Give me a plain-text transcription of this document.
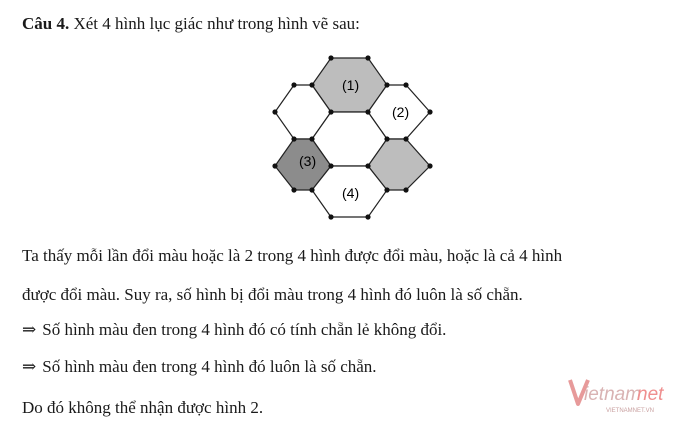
Câu 4. Xét 4 hình lục giác như trong hình vẽ sau:
(1)
(2)
(3)
(4)
Ta thấy mỗi lần đổi màu hoặc là 2 trong 4 hình được đổi màu, hoặc là cả 4 hình
được đổi màu. Suy ra, số hình bị đổi màu trong 4 hình đó luôn là số chẵn.
⇒ Số hình màu đen trong 4 hình đó có tính chẵn lẻ không đổi.
⇒ Số hình màu đen trong 4 hình đó luôn là số chẵn.
Do đó không thể nhận được hình 2.
ietnam
net
VIETNAMNET.VN
